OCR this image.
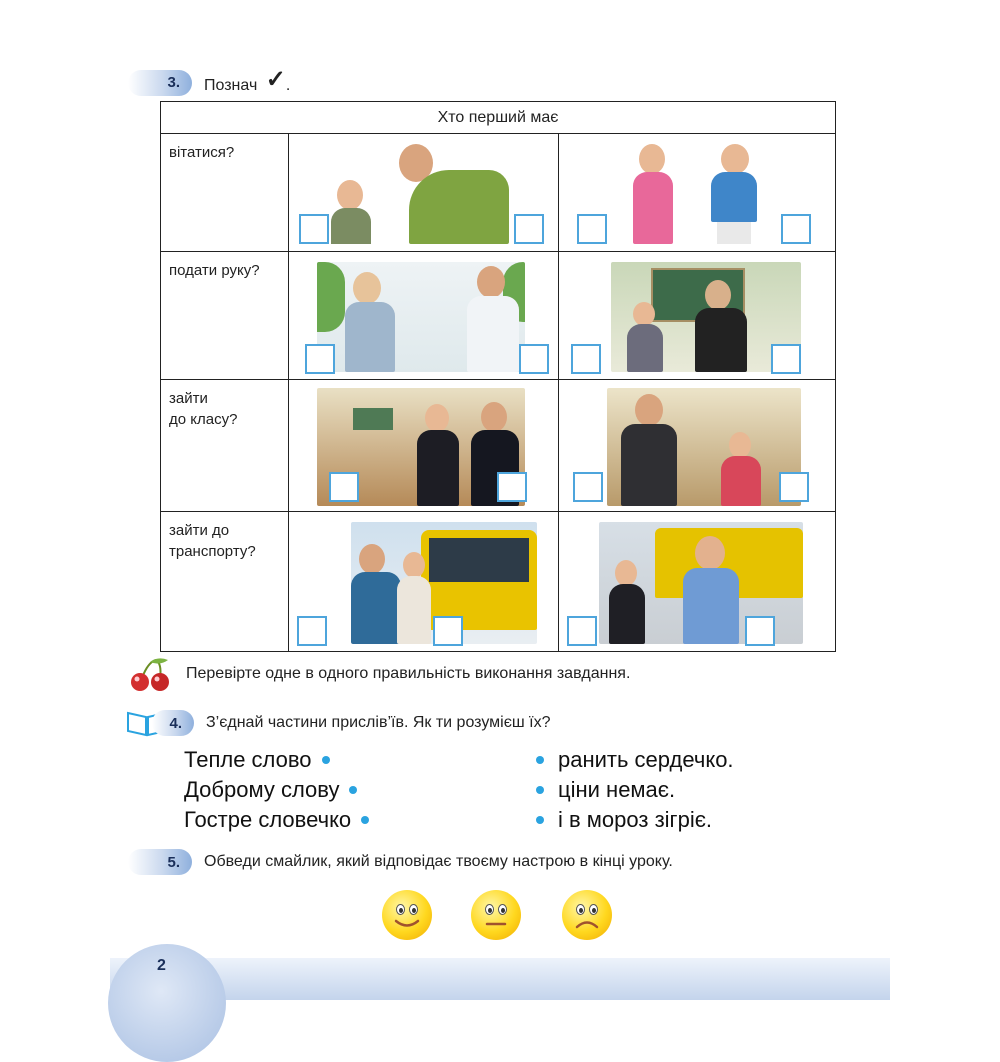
3.	Познач ✓.
Хто перший має
вітатися?
подати руку?
зайти
до класу?
зайти до
транспорту?
Перевірте одне в одного правильність виконання завдання.
4.	З’єднай частини прислів’їв. Як ти розумієш їх?
Тепле слово
Доброму слову
Гостре словечко
ранить сердечко.
ціни немає.
і в мороз зігріє.
5.	Обведи смайлик, який відповідає твоєму настрою в кінці уроку.
2
